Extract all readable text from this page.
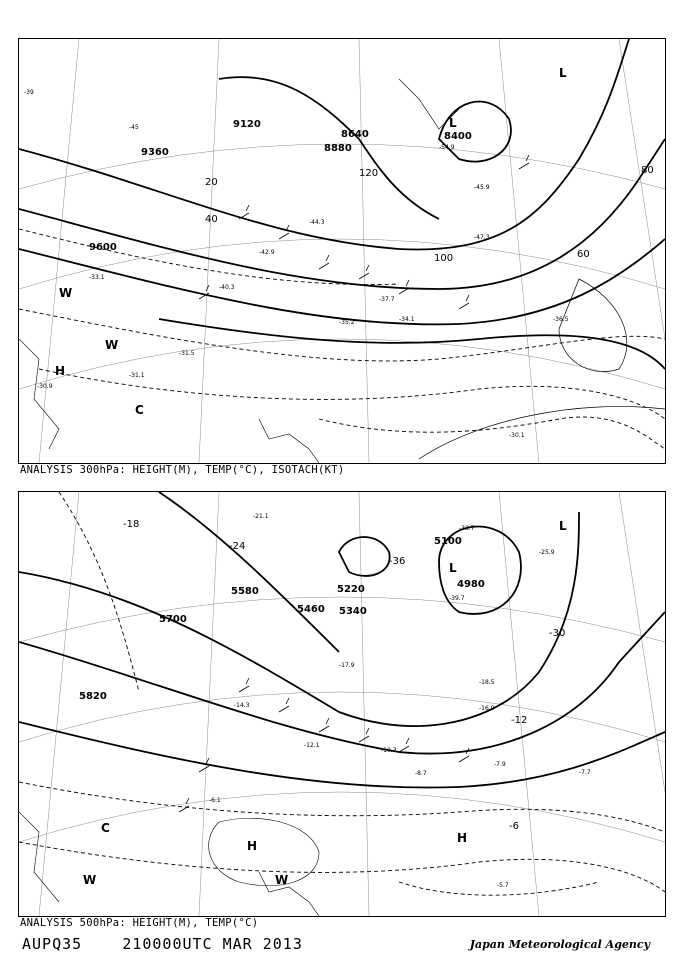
9120
8640
8880
8400
9360
9600
20
40
60
80
100
120
-39
-45
-47.3
-44.3
-42.9
-40.3
-37.7
-35.2	-34.1
-33.1
-31.5
-31.1
-30.9
-30.1
-36.5
-54.9
-45.9
L
L
H
C
W
W
ANALYSIS 300hPa: HEIGHT(M), TEMP(°C), ISOTACH(KT)
5100
5220
5340
5460
5580
5700
5820
4980
-18
-24
-30
-36
-12
-6
-21.1
-18.5
-17.9
-16.9
-14.3
-12.1
-10.3
-8.7
-7.9
-7.7
-6.1
-5.7
-39.7
-33.7
-25.9
L
L
H
H
C
W	W
ANALYSIS 500hPa: HEIGHT(M), TEMP(°C)
AUPQ35	210000UTC MAR 2013	Japan Meteorological Agency
